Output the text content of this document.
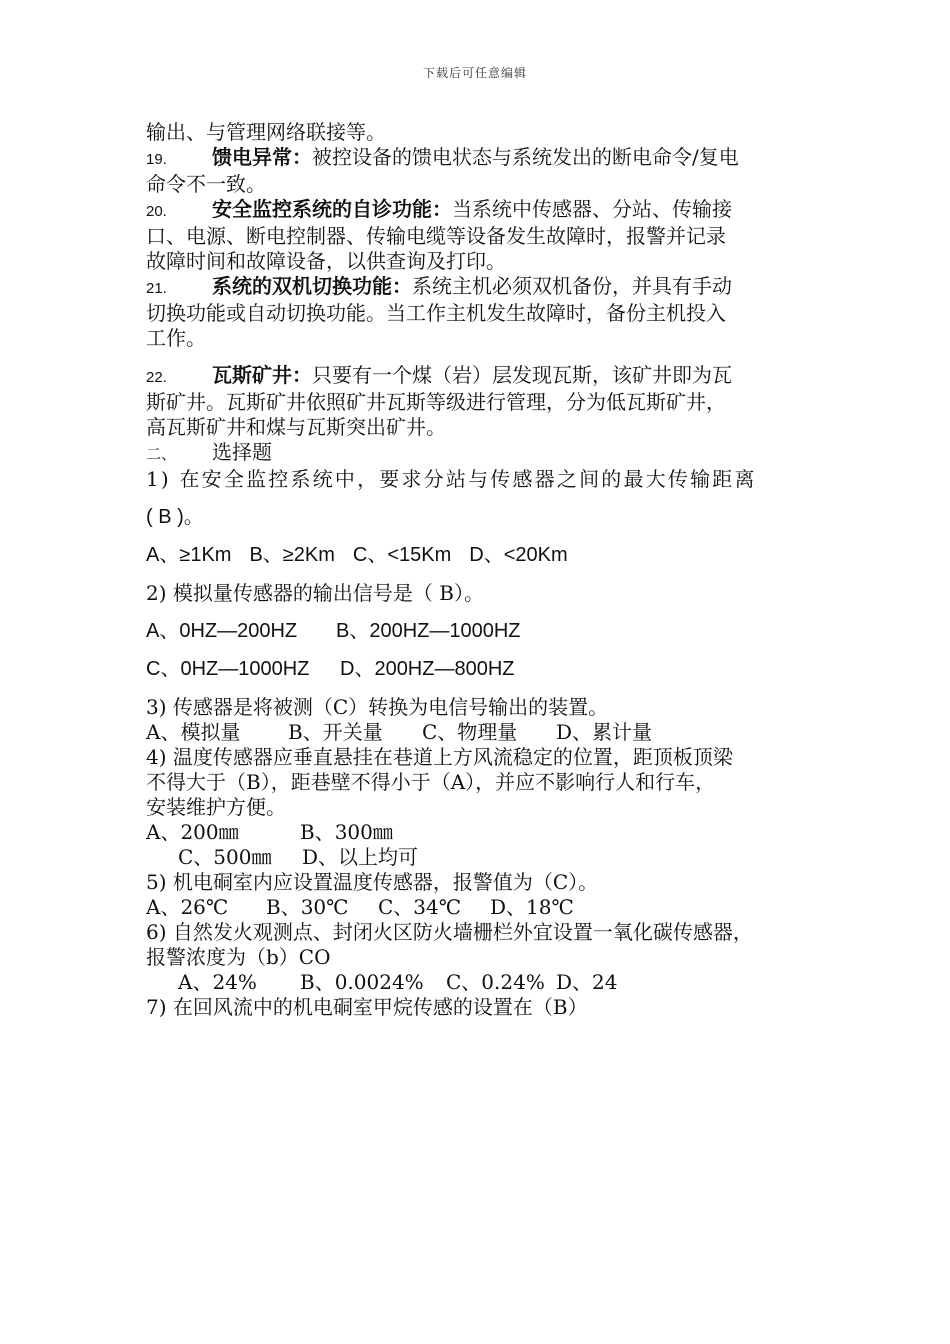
下载后可任意编辑
输出、与管理网络联接等。
19. 馈电异常：被控设备的馈电状态与系统发出的断电命令/复电
命令不一致。
20. 安全监控系统的自诊功能：当系统中传感器、分站、传输接
口、电源、断电控制器、传输电缆等设备发生故障时，报警并记录
故障时间和故障设备，以供查询及打印。
21. 系统的双机切换功能：系统主机必须双机备份，并具有手动
切换功能或自动切换功能。当工作主机发生故障时，备份主机投入
工作。
22. 瓦斯矿井：只要有一个煤（岩）层发现瓦斯，该矿井即为瓦
斯矿井。瓦斯矿井依照矿井瓦斯等级进行管理，分为低瓦斯矿井，
高瓦斯矿井和煤与瓦斯突出矿井。
二、 选择题
1) 在安全监控系统中，要求分站与传感器之间的最大传输距离
( B )。
A、≥1Km B、≥2Km C、<15Km D、<20Km
2) 模拟量传感器的输出信号是（ B）。
A、0HZ—200HZ B、200HZ—1000HZ
C、0HZ—1000HZ D、200HZ—800HZ
3) 传感器是将被测（C）转换为电信号输出的装置。
A、模拟量 B、开关量 C、物理量 D、累计量
4) 温度传感器应垂直悬挂在巷道上方风流稳定的位置，距顶板顶梁
不得大于（B），距巷壁不得小于（A），并应不影响行人和行车，
安装维护方便。
A、200㎜	B、300㎜
C、500㎜ D、以上均可
5) 机电硐室内应设置温度传感器，报警值为（C）。
A、26℃ B、30℃ C、34℃ D、18℃
6) 自然发火观测点、封闭火区防火墙栅栏外宜设置一氧化碳传感器，
报警浓度为（b）CO
A、24% B、0.0024% C、0.24% D、24
7) 在回风流中的机电硐室甲烷传感的设置在（B）
